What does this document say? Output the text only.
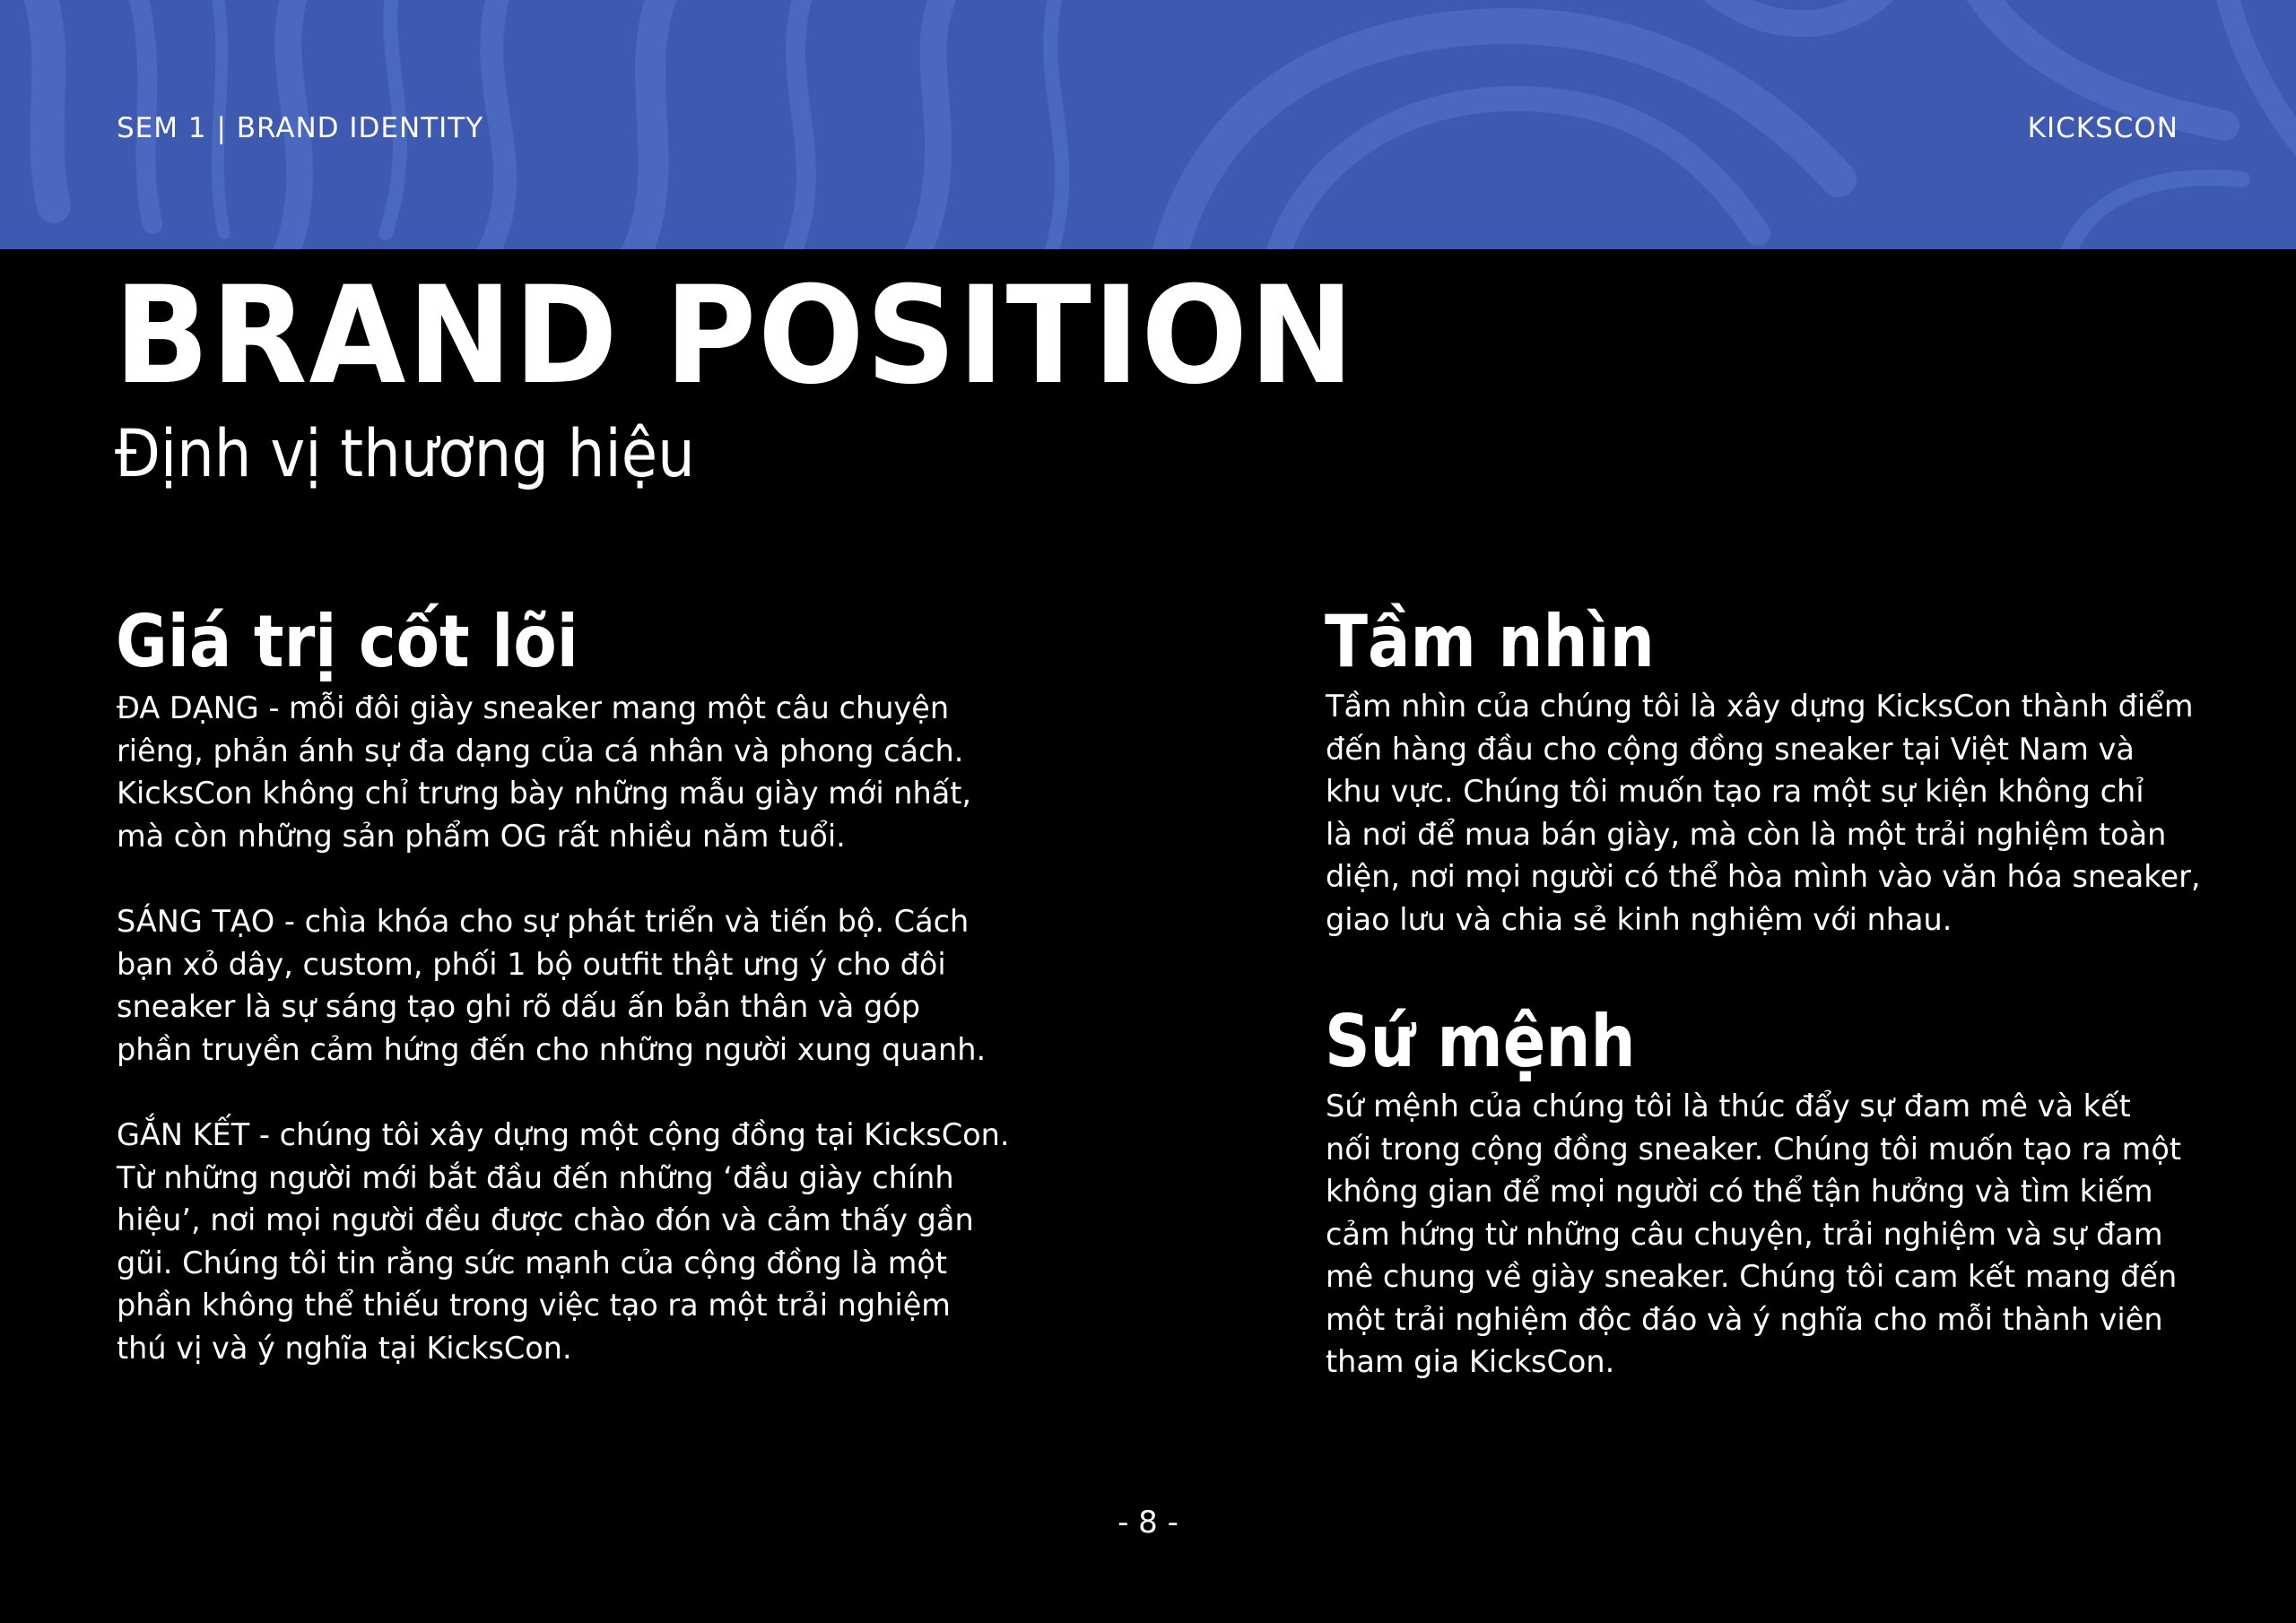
SEM 1 | BRAND IDENTITY	KICKSCON
BRAND POSITION
Định vị thương hiệu
Giá trị cốt lõi

ĐA DẠNG - mỗi đôi giày sneaker mang một câu chuyện
riêng, phản ánh sự đa dạng của cá nhân và phong cách.
KicksCon không chỉ trưng bày những mẫu giày mới nhất,
mà còn những sản phẩm OG rất nhiều năm tuổi.

SÁNG TẠO - chìa khóa cho sự phát triển và tiến bộ. Cách
bạn xỏ dây, custom, phối 1 bộ outfit thật ưng ý cho đôi
sneaker là sự sáng tạo ghi rõ dấu ấn bản thân và góp
phần truyền cảm hứng đến cho những người xung quanh.

GẮN KẾT - chúng tôi xây dựng một cộng đồng tại KicksCon.
Từ những người mới bắt đầu đến những ‘đầu giày chính
hiệu’, nơi mọi người đều được chào đón và cảm thấy gần
gũi. Chúng tôi tin rằng sức mạnh của cộng đồng là một
phần không thể thiếu trong việc tạo ra một trải nghiệm
thú vị và ý nghĩa tại KicksCon.

Tầm nhìn

Tầm nhìn của chúng tôi là xây dựng KicksCon thành điểm
đến hàng đầu cho cộng đồng sneaker tại Việt Nam và
khu vực. Chúng tôi muốn tạo ra một sự kiện không chỉ
là nơi để mua bán giày, mà còn là một trải nghiệm toàn
diện, nơi mọi người có thể hòa mình vào văn hóa sneaker,
giao lưu và chia sẻ kinh nghiệm với nhau.

Sứ mệnh

Sứ mệnh của chúng tôi là thúc đẩy sự đam mê và kết
nối trong cộng đồng sneaker. Chúng tôi muốn tạo ra một
không gian để mọi người có thể tận hưởng và tìm kiếm
cảm hứng từ những câu chuyện, trải nghiệm và sự đam
mê chung về giày sneaker. Chúng tôi cam kết mang đến
một trải nghiệm độc đáo và ý nghĩa cho mỗi thành viên
tham gia KicksCon.

- 8 -
